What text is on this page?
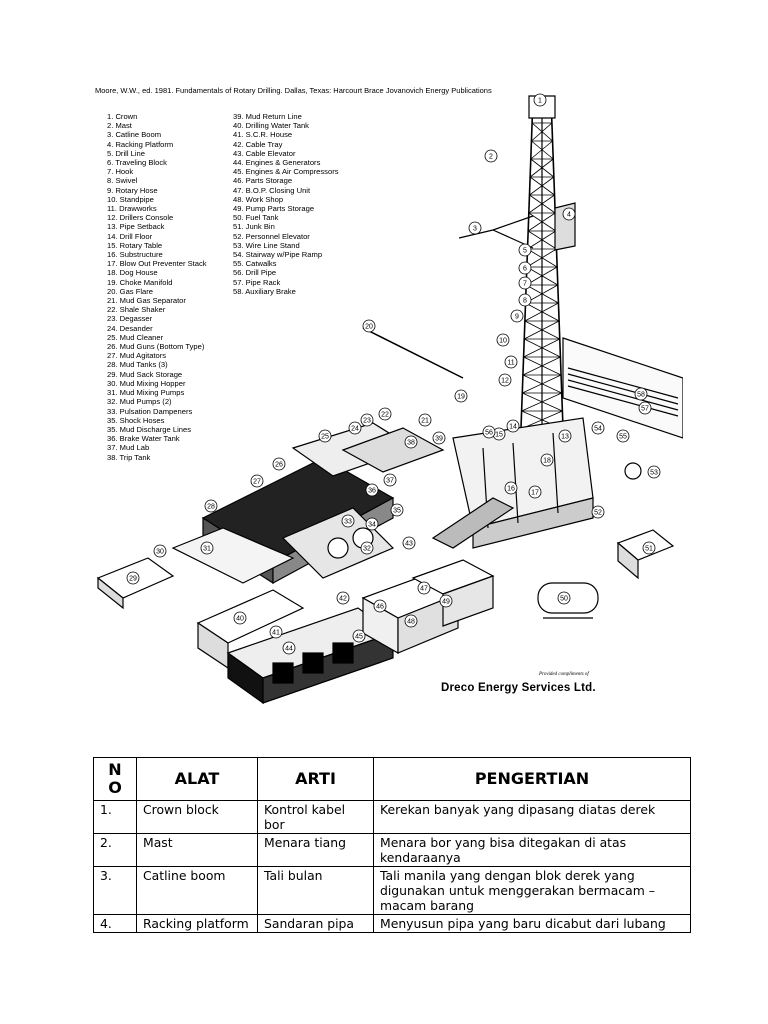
Moore, W.W., ed. 1981. Fundamentals of Rotary Drilling. Dallas, Texas: Harcourt Brace Jovanovich Energy Publications
1. Crown
2. Mast
3. Catline Boom
4. Racking Platform
5. Drill Line
6. Traveling Block
7. Hook
8. Swivel
9. Rotary Hose
10. Standpipe
11. Drawworks
12. Drillers Console
13. Pipe Setback
14. Drill Floor
15. Rotary Table
16. Substructure
17. Blow Out Preventer Stack
18. Dog House
19. Choke Manifold
20. Gas Flare
21. Mud Gas Separator
22. Shale Shaker
23. Degasser
24. Desander
25. Mud Cleaner
26. Mud Guns (Bottom Type)
27. Mud Agitators
28. Mud Tanks (3)
29. Mud Sack Storage
30. Mud Mixing Hopper
31. Mud Mixing Pumps
32. Mud Pumps (2)
33. Pulsation Dampeners
35. Shock Hoses
35. Mud Discharge Lines
36. Brake Water Tank
37. Mud Lab
38. Trip Tank
39. Mud Return Line
40. Drilling Water Tank
41. S.C.R. House
42. Cable Tray
43. Cable Elevator
44. Engines & Generators
45. Engines & Air Compressors
46. Parts Storage
47. B.O.P. Closing Unit
48. Work Shop
49. Pump Parts Storage
50. Fuel Tank
51. Junk Bin
52. Personnel Elevator
53. Wire Line Stand
54. Stairway w/Pipe Ramp
55. Catwalks
56. Drill Pipe
57. Pipe Rack
58. Auxiliary Brake
1
2
3
4
5
6
7
8
9
10
11
12
13
14
15
16
17
18
19
20
21
22
23
24
25
26
27
28
29
30	31	32
33 34
35
36
37
38
39
40
41
42
43
44
45
46
47
48
49	50
51
52
53
54
55
56
57
58
Provided compliments of
Dreco Energy Services Ltd.
N
O	ALAT	ARTI	PENGERTIAN
1.	Crown block	Kontrol kabel bor	Kerekan banyak yang dipasang diatas derek
2.	Mast	Menara tiang	Menara bor yang bisa ditegakan di atas kendaraanya
3.	Catline boom	Tali bulan	Tali manila yang dengan blok derek yang digunakan untuk menggerakan bermacam – macam barang
4.	Racking platform	Sandaran pipa	Menyusun pipa yang baru dicabut dari lubang
